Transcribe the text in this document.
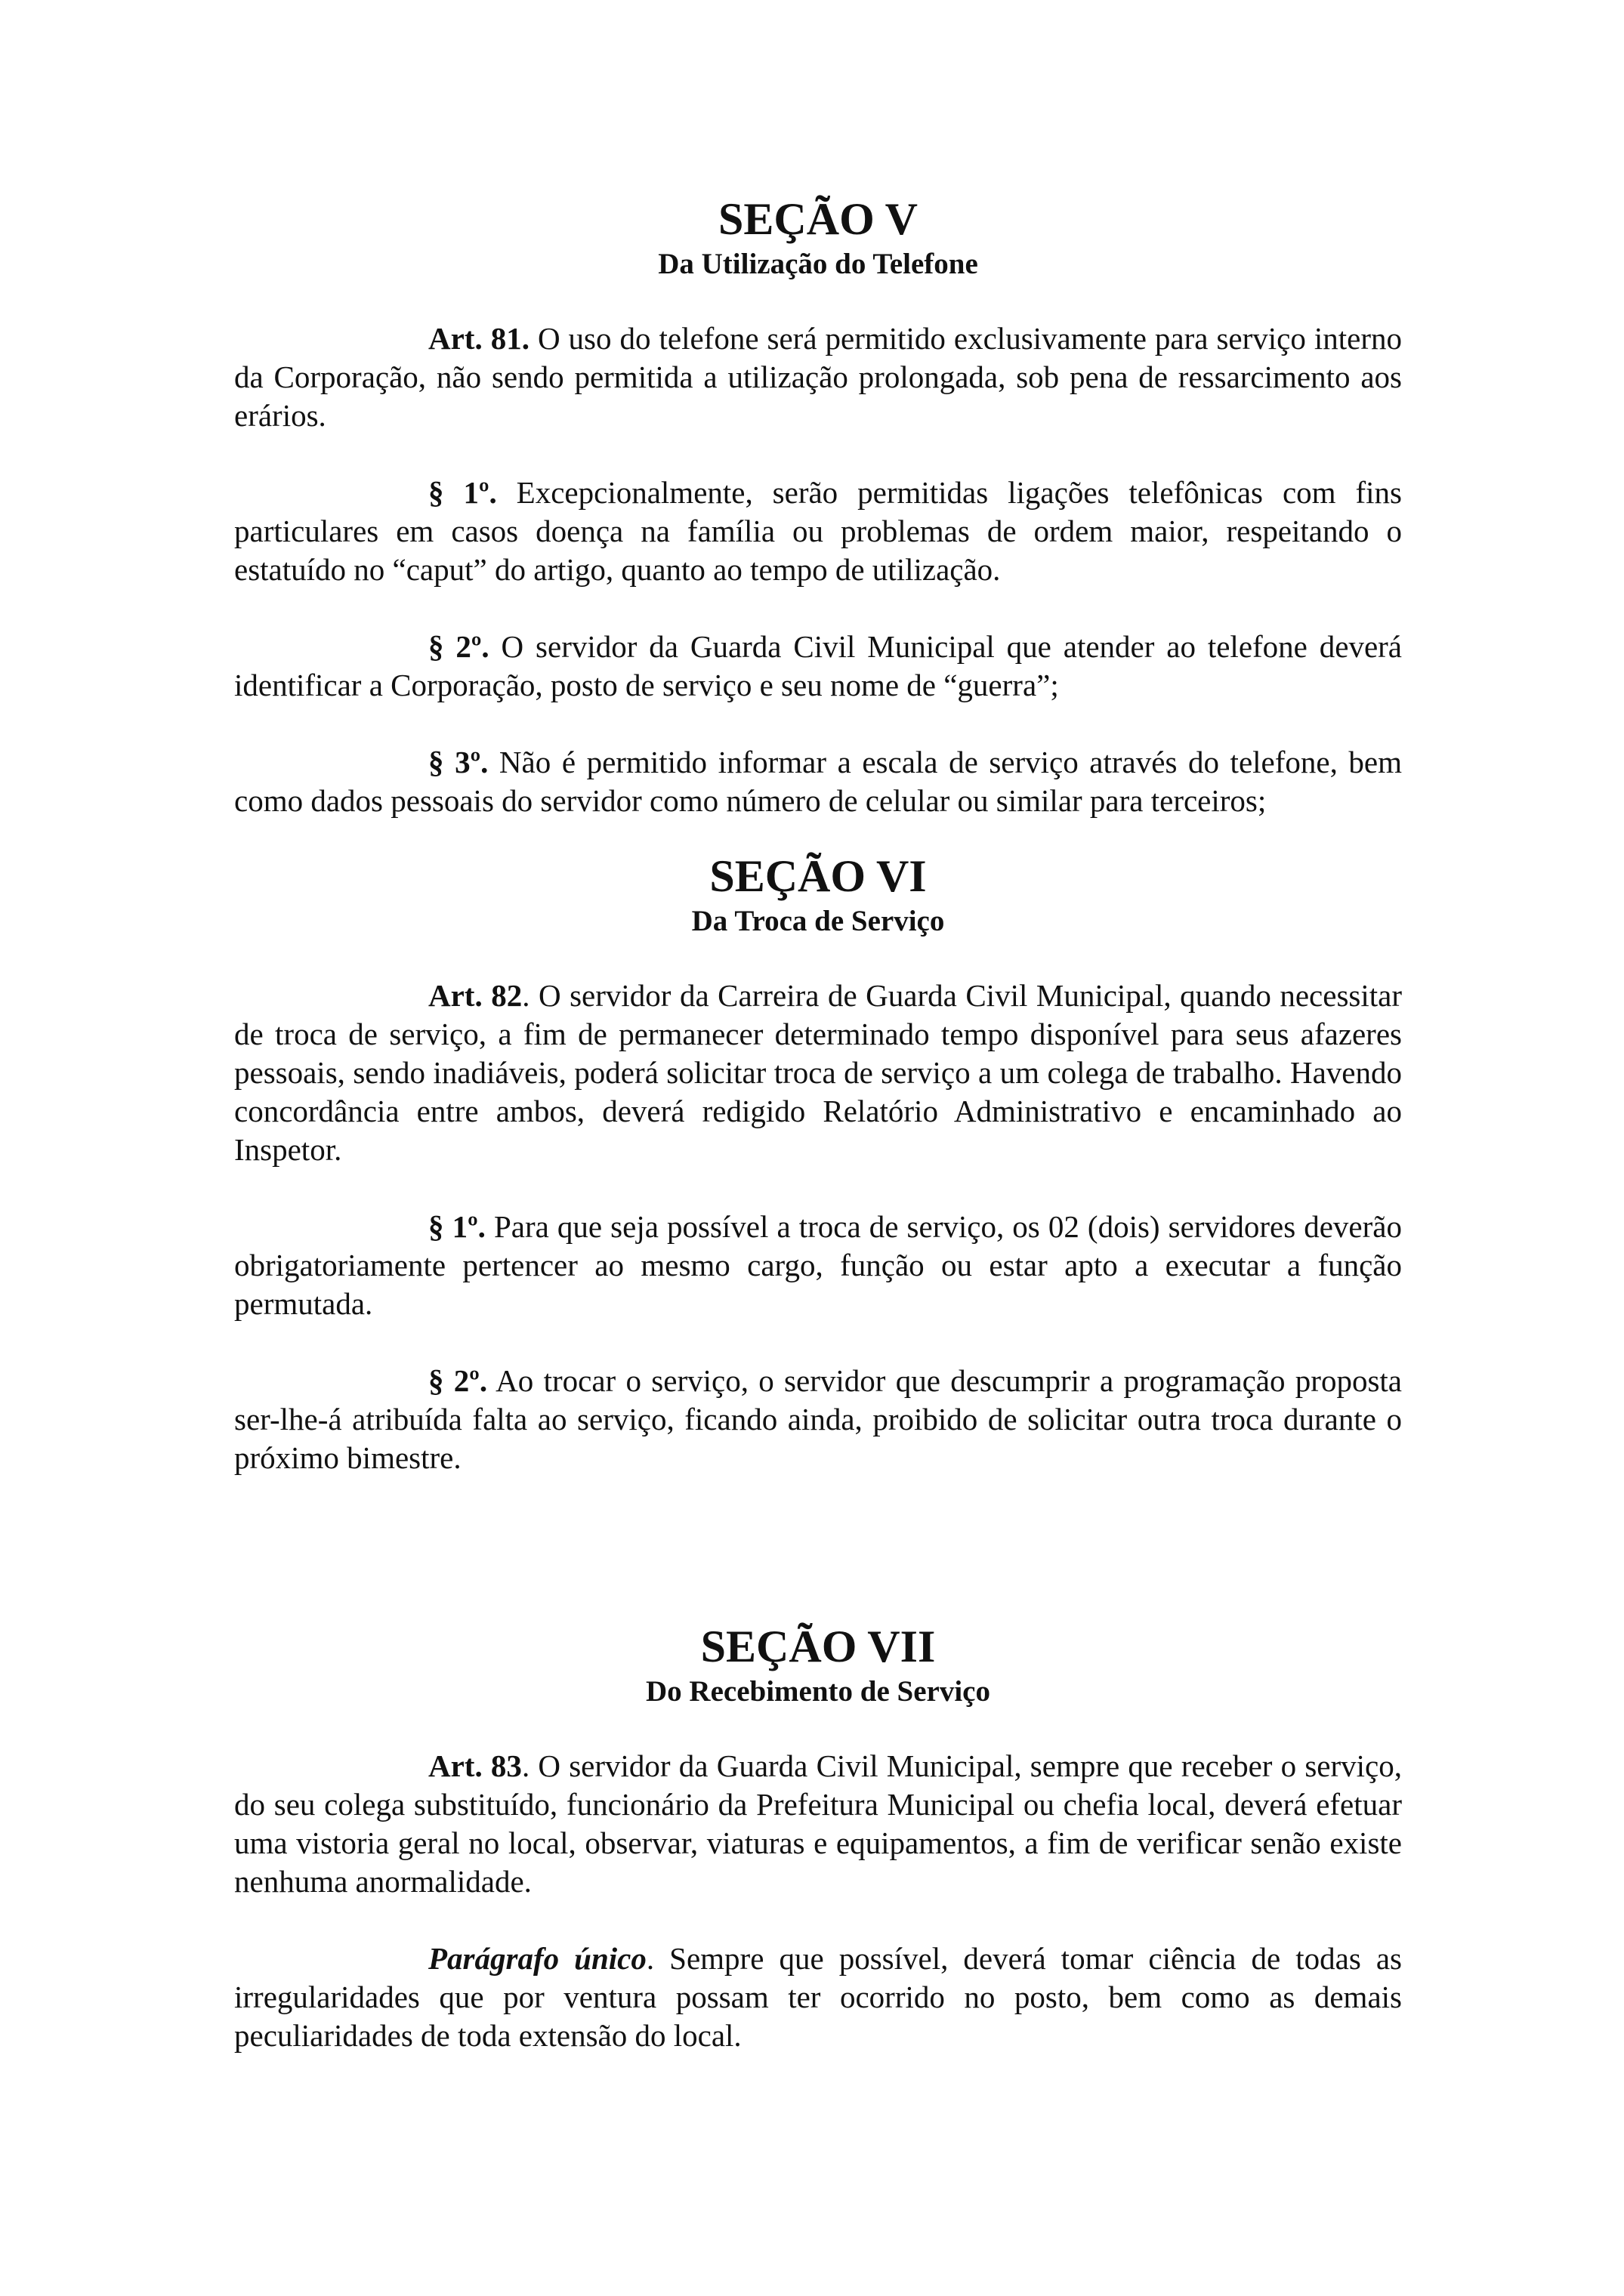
SEÇÃO V
Da Utilização do Telefone

Art. 81. O uso do telefone será permitido exclusivamente para serviço interno da Corporação, não sendo permitida a utilização prolongada, sob pena de ressarcimento aos erários.

§ 1º. Excepcionalmente, serão permitidas ligações telefônicas com fins particulares em casos doença na família ou problemas de ordem maior, respeitando o estatuído no “caput” do artigo, quanto ao tempo de utilização.

§ 2º. O servidor da Guarda Civil Municipal que atender ao telefone deverá identificar a Corporação, posto de serviço e seu nome de “guerra”;

§ 3º. Não é permitido informar a escala de serviço através do telefone, bem como dados pessoais do servidor como número de celular ou similar para terceiros;

SEÇÃO VI
Da Troca de Serviço

Art. 82. O servidor da Carreira de Guarda Civil Municipal, quando necessitar de troca de serviço, a fim de permanecer determinado tempo disponível para seus afazeres pessoais, sendo inadiáveis, poderá solicitar troca de serviço a um colega de trabalho. Havendo concordância entre ambos, deverá redigido Relatório Administrativo e encaminhado ao Inspetor.

§ 1º. Para que seja possível a troca de serviço, os 02 (dois) servidores deverão obrigatoriamente pertencer ao mesmo cargo, função ou estar apto a executar a função permutada.

§ 2º. Ao trocar o serviço, o servidor que descumprir a programação proposta ser-lhe-á atribuída falta ao serviço, ficando ainda, proibido de solicitar outra troca durante o próximo bimestre.

SEÇÃO VII
Do Recebimento de Serviço

Art. 83. O servidor da Guarda Civil Municipal, sempre que receber o serviço, do seu colega substituído, funcionário da Prefeitura Municipal ou chefia local, deverá efetuar uma vistoria geral no local, observar, viaturas e equipamentos, a fim de verificar senão existe nenhuma anormalidade.

Parágrafo único. Sempre que possível, deverá tomar ciência de todas as irregularidades que por ventura possam ter ocorrido no posto, bem como as demais peculiaridades de toda extensão do local.
